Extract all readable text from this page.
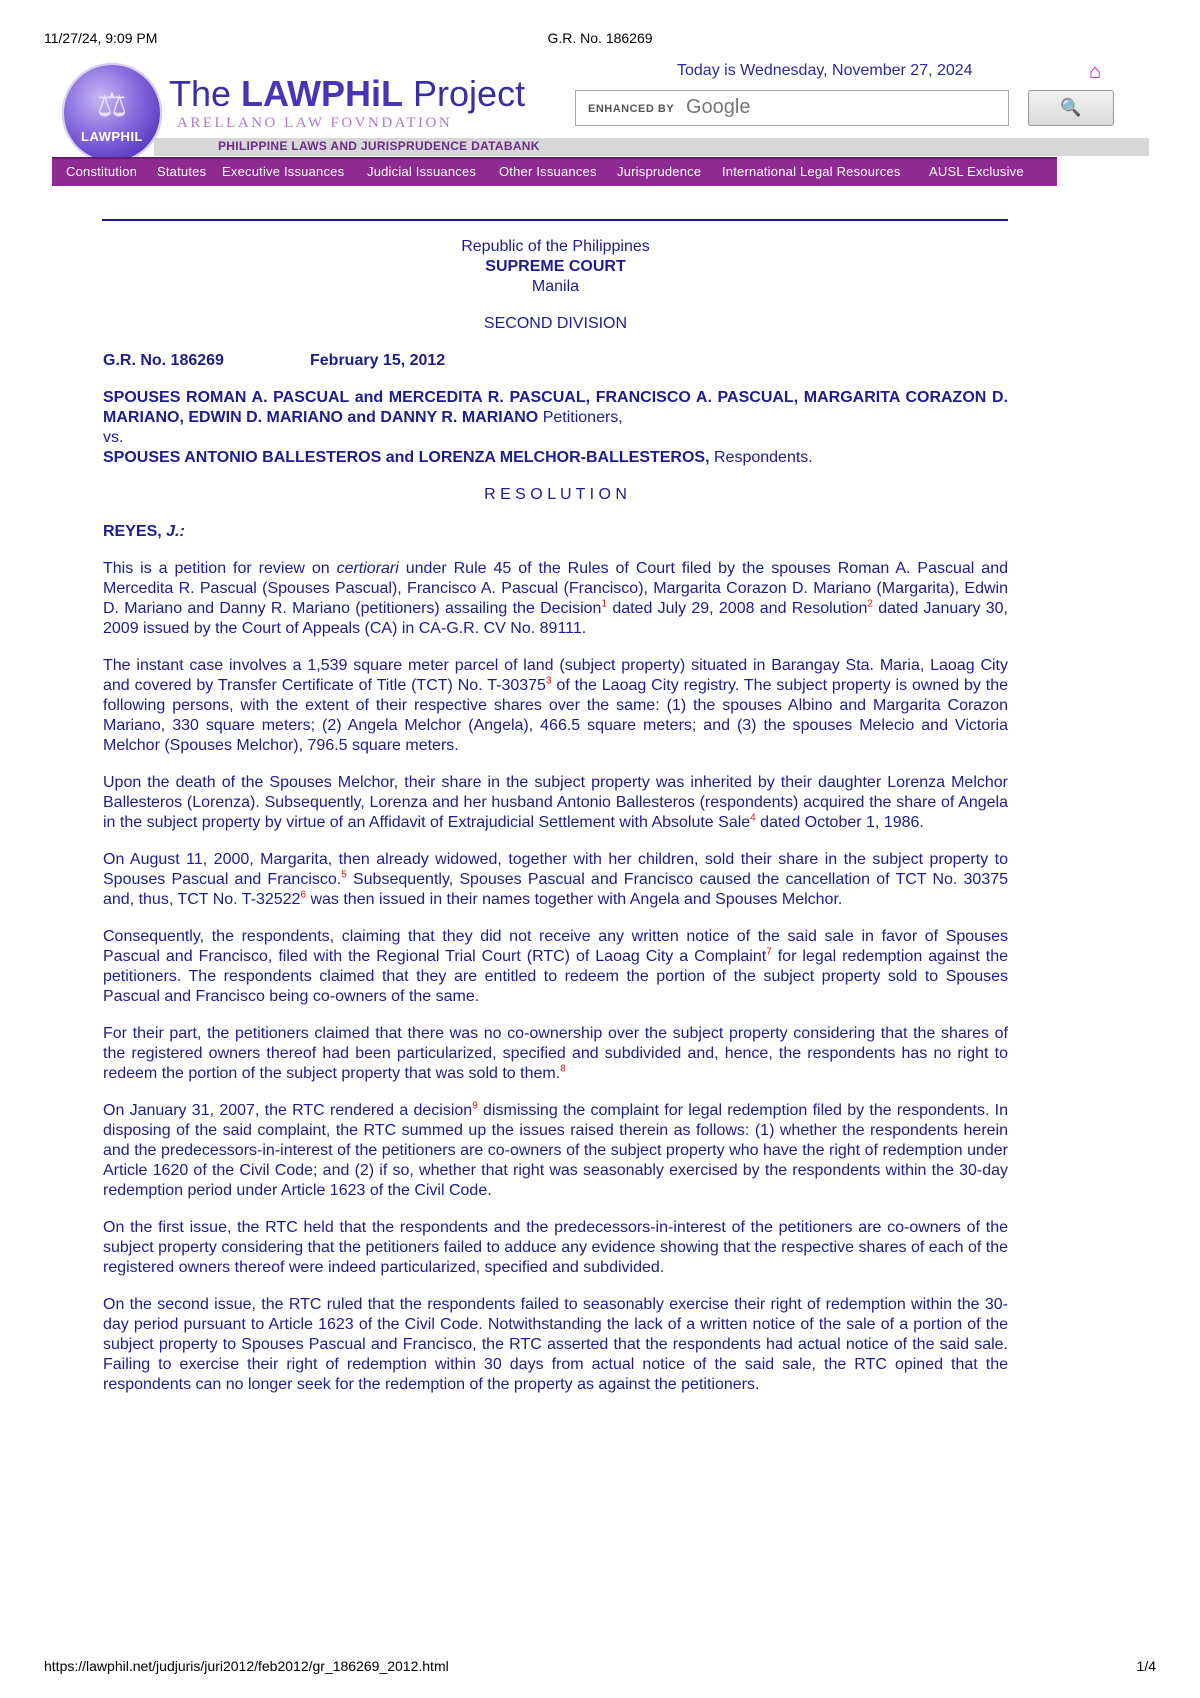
11/27/24, 9:09 PM	G.R. No. 186269
⚖
LAWPHIL
The LAWPHiL Project
ARELLANO LAW FOVNDATION
PHILIPPINE LAWS AND JURISPRUDENCE DATABANK
Today is Wednesday, November 27, 2024	⌂
ENHANCED BY Google	🔍
Constitution Statutes Executive Issuances Judicial Issuances Other Issuances Jurisprudence International Legal Resources AUSL Exclusive

Republic of the Philippines

SUPREME COURT

Manila

SECOND DIVISION

G.R. No. 186269	February 15, 2012

SPOUSES ROMAN A. PASCUAL and MERCEDITA R. PASCUAL, FRANCISCO A. PASCUAL, MARGARITA CORAZON D. MARIANO, EDWIN D. MARIANO and DANNY R. MARIANO Petitioners,

vs.

SPOUSES ANTONIO BALLESTEROS and LORENZA MELCHOR-BALLESTEROS, Respondents.

R E S O L U T I O N

REYES, J.:

This is a petition for review on certiorari under Rule 45 of the Rules of Court filed by the spouses Roman A. Pascual and Mercedita R. Pascual (Spouses Pascual), Francisco A. Pascual (Francisco), Margarita Corazon D. Mariano (Margarita), Edwin D. Mariano and Danny R. Mariano (petitioners) assailing the Decision$^1$ dated July 29, 2008 and Resolution$^2$ dated January 30, 2009 issued by the Court of Appeals (CA) in CA-G.R. CV No. 89111.

The instant case involves a 1,539 square meter parcel of land (subject property) situated in Barangay Sta. Maria, Laoag City and covered by Transfer Certificate of Title (TCT) No. T-30375$^3$ of the Laoag City registry. The subject property is owned by the following persons, with the extent of their respective shares over the same: (1) the spouses Albino and Margarita Corazon Mariano, 330 square meters; (2) Angela Melchor (Angela), 466.5 square meters; and (3) the spouses Melecio and Victoria Melchor (Spouses Melchor), 796.5 square meters.

Upon the death of the Spouses Melchor, their share in the subject property was inherited by their daughter Lorenza Melchor Ballesteros (Lorenza). Subsequently, Lorenza and her husband Antonio Ballesteros (respondents) acquired the share of Angela in the subject property by virtue of an Affidavit of Extrajudicial Settlement with Absolute Sale$^4$ dated October 1, 1986.

On August 11, 2000, Margarita, then already widowed, together with her children, sold their share in the subject property to Spouses Pascual and Francisco.$^5$ Subsequently, Spouses Pascual and Francisco caused the cancellation of TCT No. 30375 and, thus, TCT No. T-32522$^6$ was then issued in their names together with Angela and Spouses Melchor.

Consequently, the respondents, claiming that they did not receive any written notice of the said sale in favor of Spouses Pascual and Francisco, filed with the Regional Trial Court (RTC) of Laoag City a Complaint$^7$ for legal redemption against the petitioners. The respondents claimed that they are entitled to redeem the portion of the subject property sold to Spouses Pascual and Francisco being co-owners of the same.

For their part, the petitioners claimed that there was no co-ownership over the subject property considering that the shares of the registered owners thereof had been particularized, specified and subdivided and, hence, the respondents has no right to redeem the portion of the subject property that was sold to them.$^8$

On January 31, 2007, the RTC rendered a decision$^9$ dismissing the complaint for legal redemption filed by the respondents. In disposing of the said complaint, the RTC summed up the issues raised therein as follows: (1) whether the respondents herein and the predecessors-in-interest of the petitioners are co-owners of the subject property who have the right of redemption under Article 1620 of the Civil Code; and (2) if so, whether that right was seasonably exercised by the respondents within the 30-day redemption period under Article 1623 of the Civil Code.

On the first issue, the RTC held that the respondents and the predecessors-in-interest of the petitioners are co-owners of the subject property considering that the petitioners failed to adduce any evidence showing that the respective shares of each of the registered owners thereof were indeed particularized, specified and subdivided.

On the second issue, the RTC ruled that the respondents failed to seasonably exercise their right of redemption within the 30-day period pursuant to Article 1623 of the Civil Code. Notwithstanding the lack of a written notice of the sale of a portion of the subject property to Spouses Pascual and Francisco, the RTC asserted that the respondents had actual notice of the said sale. Failing to exercise their right of redemption within 30 days from actual notice of the said sale, the RTC opined that the respondents can no longer seek for the redemption of the property as against the petitioners.

https://lawphil.net/judjuris/juri2012/feb2012/gr_186269_2012.html	1/4
